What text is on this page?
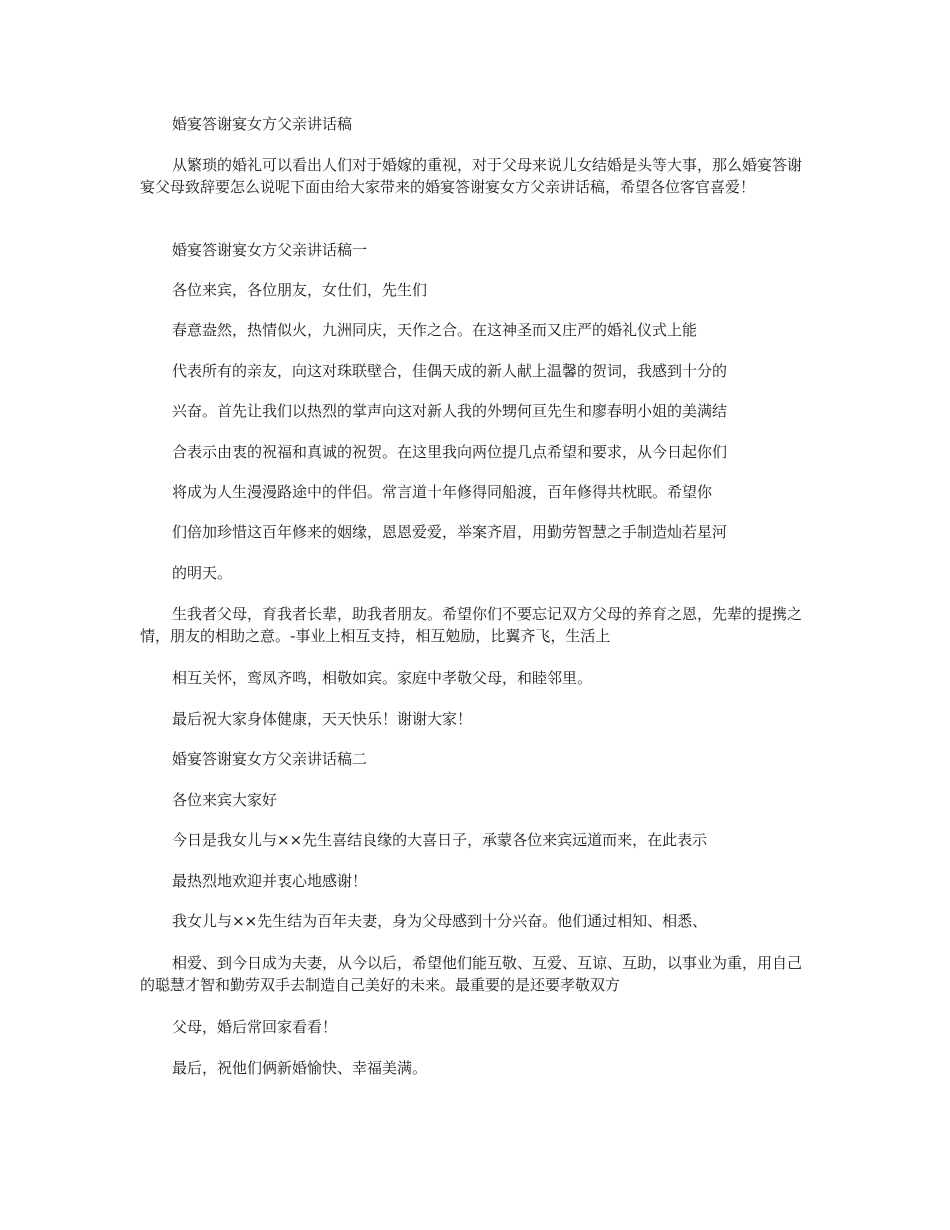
婚宴答谢宴女方父亲讲话稿
从繁琐的婚礼可以看出人们对于婚嫁的重视，对于父母来说儿女结婚是头等大事，那么婚宴答谢宴父母致辞要怎么说呢下面由给大家带来的婚宴答谢宴女方父亲讲话稿，希望各位客官喜爱！
婚宴答谢宴女方父亲讲话稿一
各位来宾，各位朋友，女仕们，先生们
春意盎然，热情似火，九洲同庆，天作之合。在这神圣而又庄严的婚礼仪式上能
代表所有的亲友，向这对珠联壁合，佳偶天成的新人献上温馨的贺词，我感到十分的
兴奋。首先让我们以热烈的掌声向这对新人我的外甥何亘先生和廖春明小姐的美满结
合表示由衷的祝福和真诚的祝贺。在这里我向两位提几点希望和要求，从今日起你们
将成为人生漫漫路途中的伴侣。常言道十年修得同船渡，百年修得共枕眠。希望你
们倍加珍惜这百年修来的姻缘，恩恩爱爱，举案齐眉，用勤劳智慧之手制造灿若星河
的明天。
生我者父母，育我者长辈，助我者朋友。希望你们不要忘记双方父母的养育之恩，先辈的提携之情，朋友的相助之意。-事业上相互支持，相互勉励，比翼齐飞，生活上
相互关怀，鸾凤齐鸣，相敬如宾。家庭中孝敬父母，和睦邻里。
最后祝大家身体健康，天天快乐！谢谢大家！
婚宴答谢宴女方父亲讲话稿二
各位来宾大家好
今日是我女儿与××先生喜结良缘的大喜日子，承蒙各位来宾远道而来，在此表示
最热烈地欢迎并衷心地感谢！
我女儿与××先生结为百年夫妻，身为父母感到十分兴奋。他们通过相知、相悉、
相爱、到今日成为夫妻，从今以后，希望他们能互敬、互爱、互谅、互助，以事业为重，用自己的聪慧才智和勤劳双手去制造自己美好的未来。最重要的是还要孝敬双方
父母，婚后常回家看看！
最后，祝他们俩新婚愉快、幸福美满。
